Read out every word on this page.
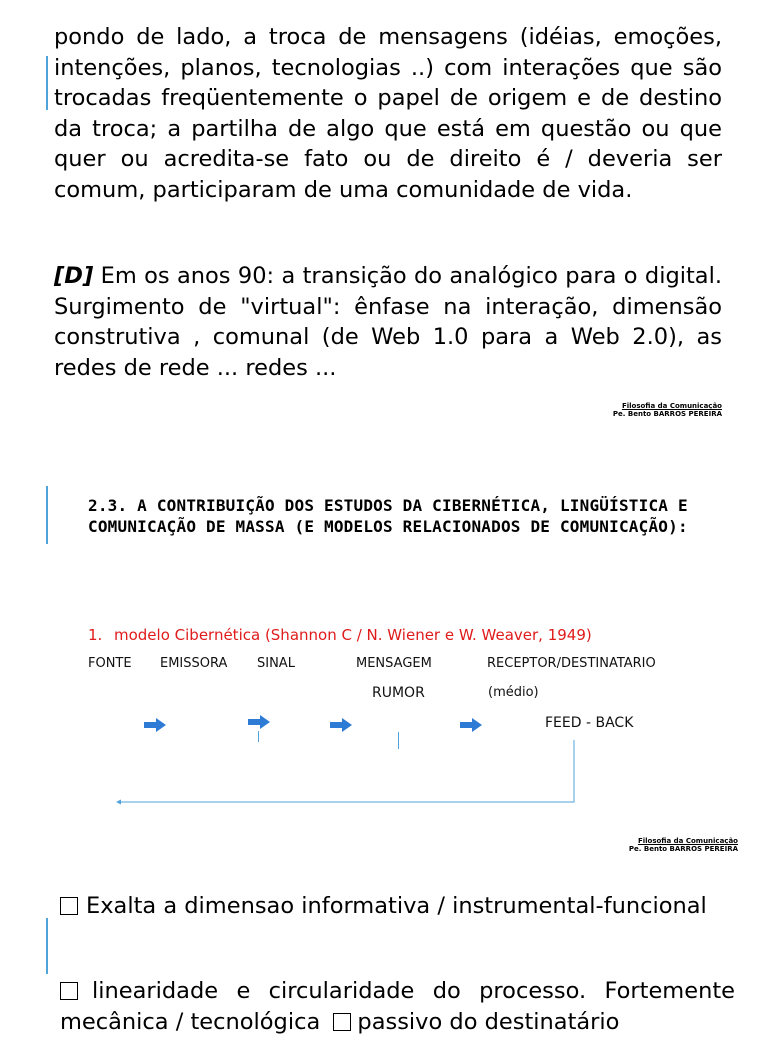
pondo de lado, a troca de mensagens (idéias, emoções, intenções, planos, tecnologias ..) com interações que são trocadas freqüentemente o papel de origem e de destino da troca; a partilha de algo que está em questão ou que quer ou acredita-se fato ou de direito é / deveria ser comum, participaram de uma comunidade de vida.

[D] Em os anos 90: a transição do analógico para o digital. Surgimento de "virtual": ênfase na interação, dimensão construtiva , comunal (de Web 1.0 para a Web 2.0), as redes de rede ... redes ...

Filosofia da Comunicação
Pe. Bento BARROS PEREIRA

2.3. A CONTRIBUIÇÃO DOS ESTUDOS DA CIBERNÉTICA, LINGÜÍSTICA E COMUNICAÇÃO DE MASSA (E MODELOS RELACIONADOS DE COMUNICAÇÃO):

1. modelo Cibernética (Shannon C / N. Wiener e W. Weaver, 1949)
FONTE EMISSORA SINAL	MENSAGEM	RECEPTOR/DESTINATARIO
RUMOR	(médio)
FEED - BACK
Filosofia da Comunicação
Pe. Bento BARROS PEREIRA

Exalta a dimensao informativa / instrumental-funcional

linearidade e circularidade do processo. Fortemente
mecânica / tecnológica passivo do destinatário
